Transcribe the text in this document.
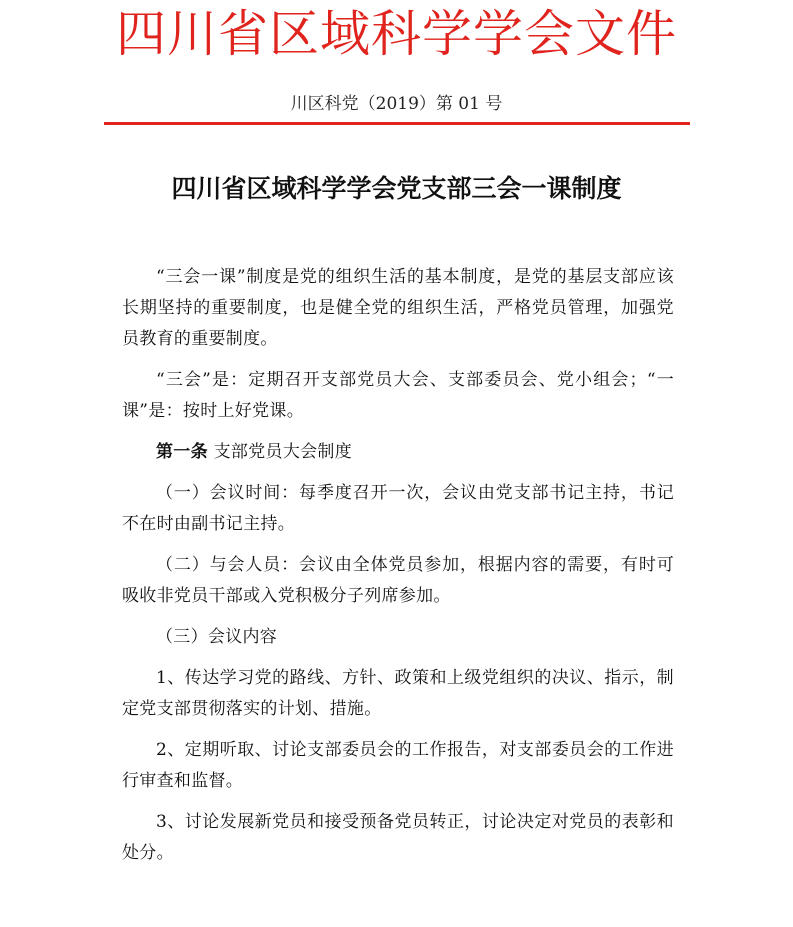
四川省区域科学学会文件
川区科党（2019）第 01 号
四川省区域科学学会党支部三会一课制度

“三会一课”制度是党的组织生活的基本制度，是党的基层支部应该长期坚持的重要制度，也是健全党的组织生活，严格党员管理，加强党员教育的重要制度。

“三会”是：定期召开支部党员大会、支部委员会、党小组会；“一课”是：按时上好党课。

第一条 支部党员大会制度

（一）会议时间：每季度召开一次，会议由党支部书记主持，书记不在时由副书记主持。

（二）与会人员：会议由全体党员参加，根据内容的需要，有时可吸收非党员干部或入党积极分子列席参加。

（三）会议内容

1、传达学习党的路线、方针、政策和上级党组织的决议、指示，制定党支部贯彻落实的计划、措施。

2、定期听取、讨论支部委员会的工作报告，对支部委员会的工作进行审查和监督。

3、讨论发展新党员和接受预备党员转正，讨论决定对党员的表彰和处分。
